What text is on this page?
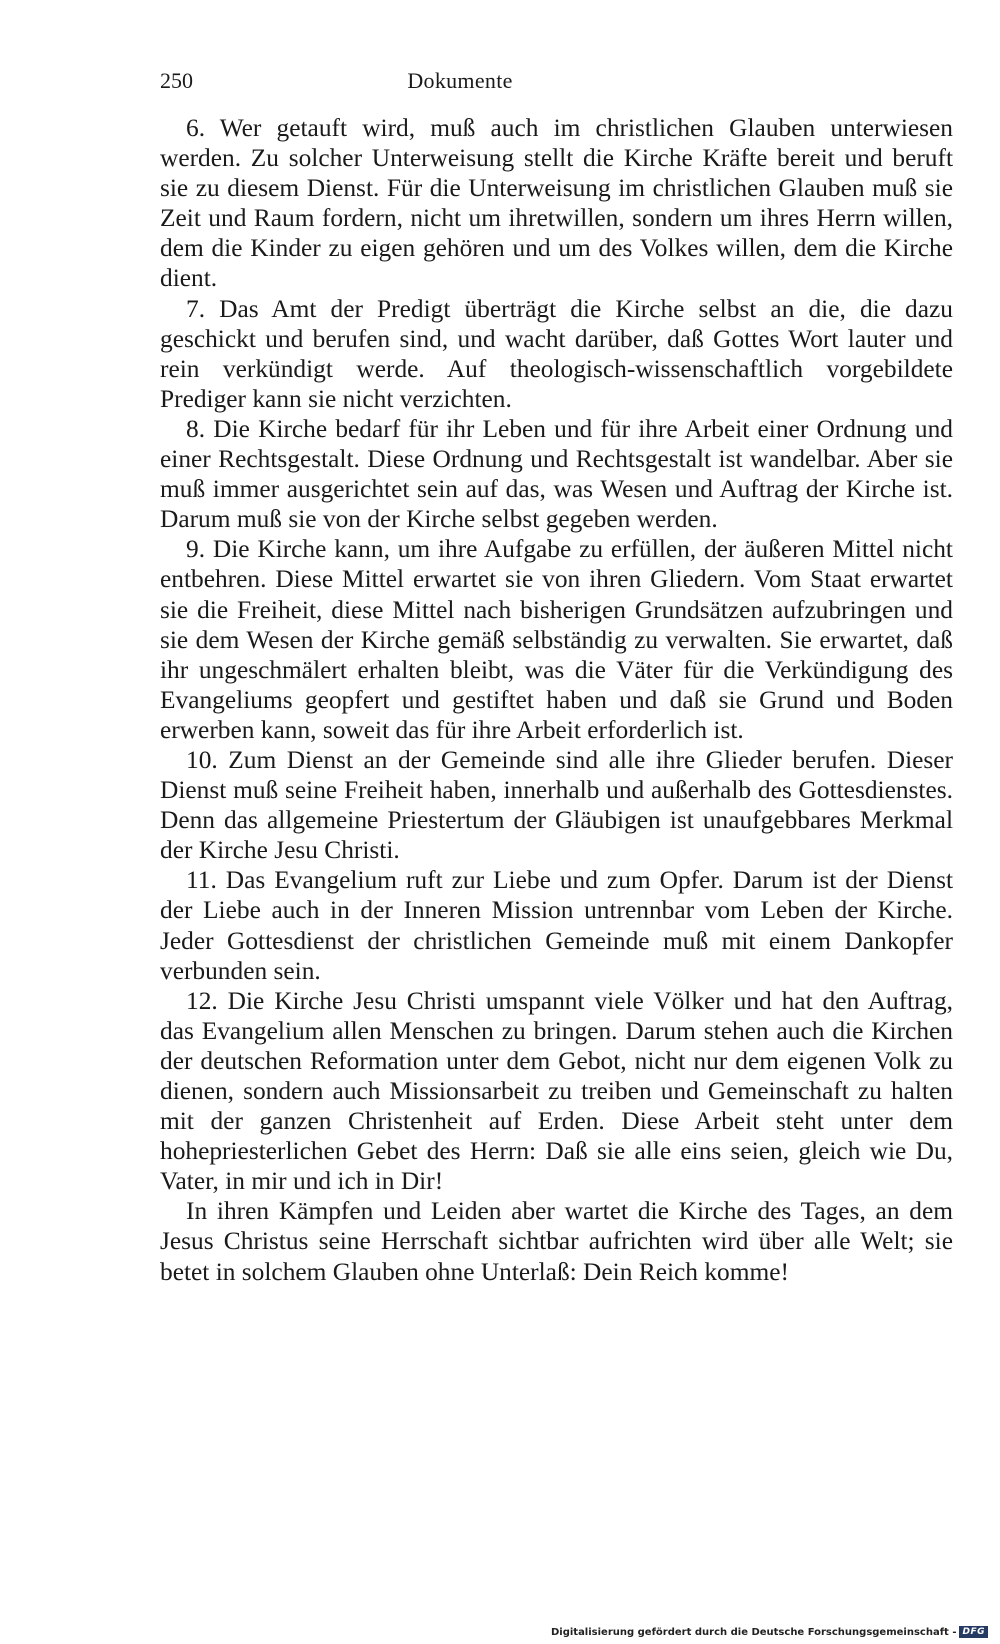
250	Dokumente

6. Wer getauft wird, muß auch im christlichen Glauben unterwiesen werden. Zu solcher Unterweisung stellt die Kirche Kräfte bereit und beruft sie zu diesem Dienst. Für die Unterweisung im christlichen Glauben muß sie Zeit und Raum fordern, nicht um ihretwillen, sondern um ihres Herrn willen, dem die Kinder zu eigen gehören und um des Volkes willen, dem die Kirche dient.

7. Das Amt der Predigt überträgt die Kirche selbst an die, die dazu geschickt und berufen sind, und wacht darüber, daß Gottes Wort lauter und rein verkündigt werde. Auf theologisch-wissenschaftlich vorgebildete Prediger kann sie nicht verzichten.

8. Die Kirche bedarf für ihr Leben und für ihre Arbeit einer Ordnung und einer Rechtsgestalt. Diese Ordnung und Rechtsgestalt ist wandelbar. Aber sie muß immer ausgerichtet sein auf das, was Wesen und Auftrag der Kirche ist. Darum muß sie von der Kirche selbst gegeben werden.

9. Die Kirche kann, um ihre Aufgabe zu erfüllen, der äußeren Mittel nicht entbehren. Diese Mittel erwartet sie von ihren Gliedern. Vom Staat erwartet sie die Freiheit, diese Mittel nach bisherigen Grundsätzen aufzubringen und sie dem Wesen der Kirche gemäß selbständig zu verwalten. Sie erwartet, daß ihr ungeschmälert erhalten bleibt, was die Väter für die Verkündigung des Evangeliums geopfert und gestiftet haben und daß sie Grund und Boden erwerben kann, soweit das für ihre Arbeit erforderlich ist.

10. Zum Dienst an der Gemeinde sind alle ihre Glieder berufen. Dieser Dienst muß seine Freiheit haben, innerhalb und außerhalb des Gottesdienstes. Denn das allgemeine Priestertum der Gläubigen ist unaufgebbares Merkmal der Kirche Jesu Christi.

11. Das Evangelium ruft zur Liebe und zum Opfer. Darum ist der Dienst der Liebe auch in der Inneren Mission untrennbar vom Leben der Kirche. Jeder Gottesdienst der christlichen Gemeinde muß mit einem Dankopfer verbunden sein.

12. Die Kirche Jesu Christi umspannt viele Völker und hat den Auftrag, das Evangelium allen Menschen zu bringen. Darum stehen auch die Kirchen der deutschen Reformation unter dem Gebot, nicht nur dem eigenen Volk zu dienen, sondern auch Missionsarbeit zu treiben und Gemeinschaft zu halten mit der ganzen Christenheit auf Erden. Diese Arbeit steht unter dem hohepriesterlichen Gebet des Herrn: Daß sie alle eins seien, gleich wie Du, Vater, in mir und ich in Dir!

In ihren Kämpfen und Leiden aber wartet die Kirche des Tages, an dem Jesus Christus seine Herrschaft sichtbar aufrichten wird über alle Welt; sie betet in solchem Glauben ohne Unterlaß: Dein Reich komme!

Digitalisierung gefördert durch die Deutsche Forschungsgemeinschaft - DFG
